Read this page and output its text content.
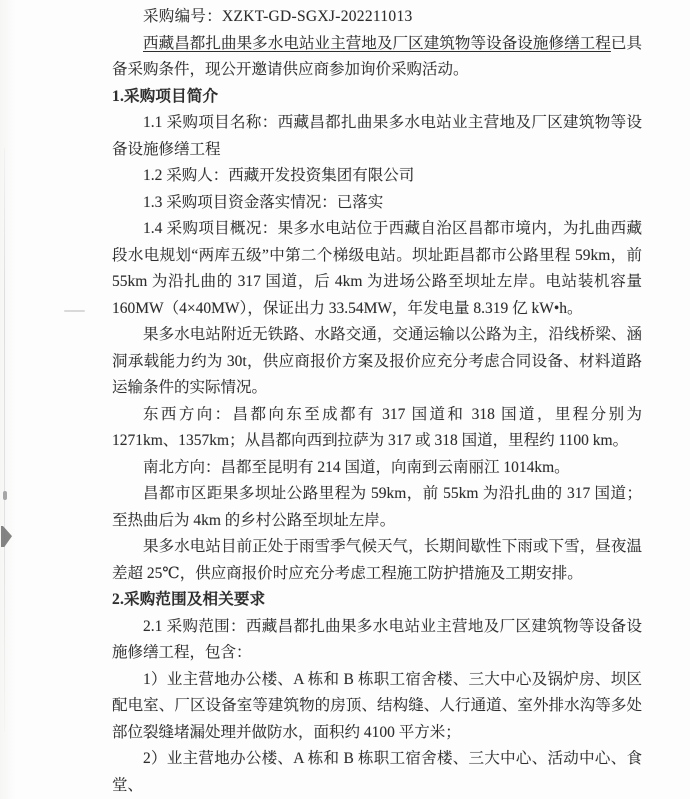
采购编号：XZKT-GD-SGXJ-202211013

西藏昌都扎曲果多水电站业主营地及厂区建筑物等设备设施修缮工程已具备采购条件，现公开邀请供应商参加询价采购活动。

1.采购项目简介

1.1 采购项目名称：西藏昌都扎曲果多水电站业主营地及厂区建筑物等设备设施修缮工程

1.2 采购人：西藏开发投资集团有限公司

1.3 采购项目资金落实情况：已落实

1.4 采购项目概况：果多水电站位于西藏自治区昌都市境内，为扎曲西藏段水电规划“两库五级”中第二个梯级电站。坝址距昌都市公路里程 59km，前 55km 为沿扎曲的 317 国道，后 4km 为进场公路至坝址左岸。电站装机容量 160MW（4×40MW），保证出力 33.54MW，年发电量 8.319 亿 kW•h。

果多水电站附近无铁路、水路交通，交通运输以公路为主，沿线桥梁、涵洞承载能力约为 30t，供应商报价方案及报价应充分考虑合同设备、材料道路运输条件的实际情况。

东西方向：昌都向东至成都有 317 国道和 318 国道，里程分别为 1271km、1357km；从昌都向西到拉萨为 317 或 318 国道，里程约 1100 km。

南北方向：昌都至昆明有 214 国道，向南到云南丽江 1014km。

昌都市区距果多坝址公路里程为 59km，前 55km 为沿扎曲的 317 国道；至热曲后为 4km 的乡村公路至坝址左岸。

果多水电站目前正处于雨雪季气候天气，长期间歇性下雨或下雪，昼夜温差超 25℃，供应商报价时应充分考虑工程施工防护措施及工期安排。

2.采购范围及相关要求

2.1 采购范围：西藏昌都扎曲果多水电站业主营地及厂区建筑物等设备设施修缮工程，包含：

1）业主营地办公楼、A 栋和 B 栋职工宿舍楼、三大中心及锅炉房、坝区配电室、厂区设备室等建筑物的房顶、结构缝、人行通道、室外排水沟等多处部位裂缝堵漏处理并做防水，面积约 4100 平方米；

2）业主营地办公楼、A 栋和 B 栋职工宿舍楼、三大中心、活动中心、食堂、
